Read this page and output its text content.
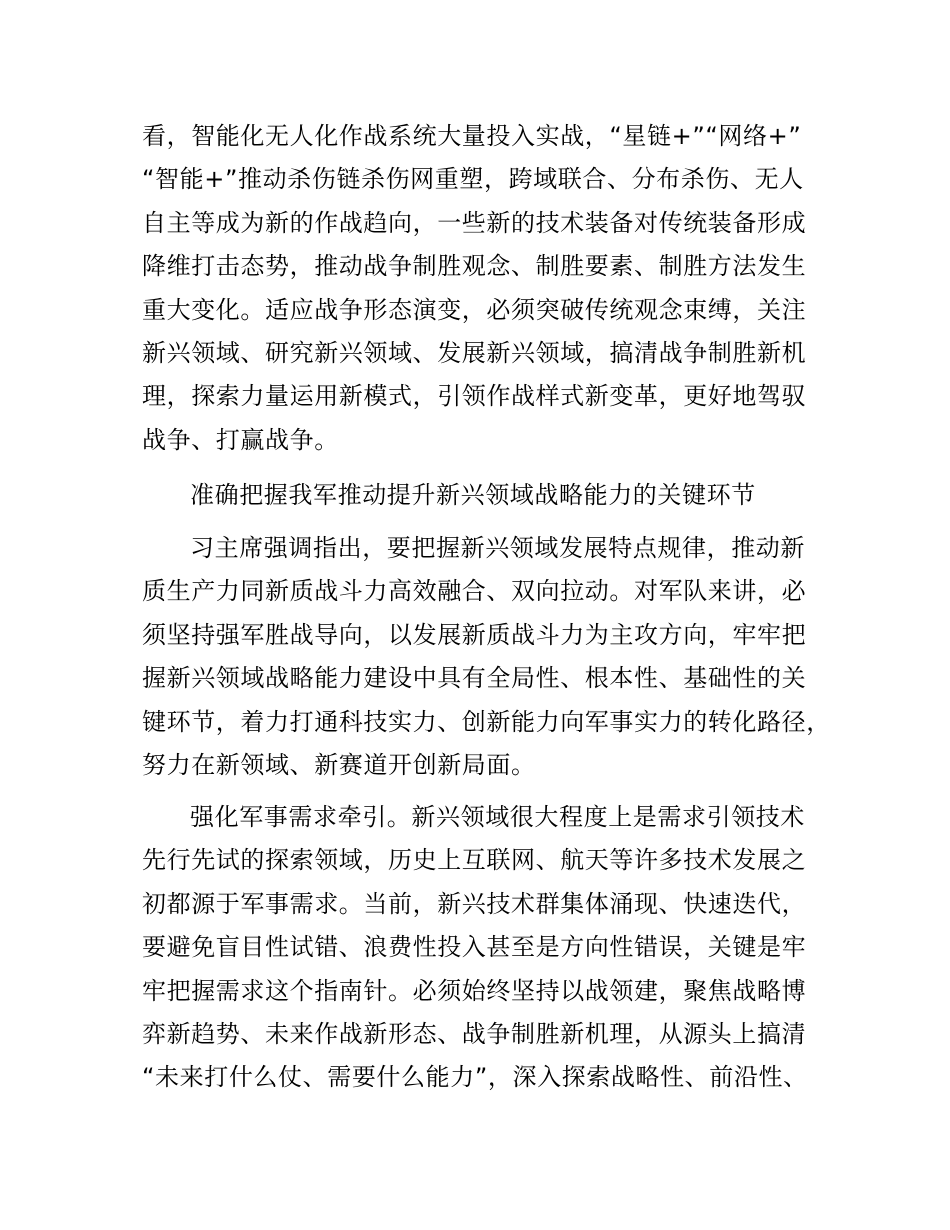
看，智能化无人化作战系统大量投入实战，“星链+”“网络+”
“智能+”推动杀伤链杀伤网重塑，跨域联合、分布杀伤、无人
自主等成为新的作战趋向，一些新的技术装备对传统装备形成
降维打击态势，推动战争制胜观念、制胜要素、制胜方法发生
重大变化。适应战争形态演变，必须突破传统观念束缚，关注
新兴领域、研究新兴领域、发展新兴领域，搞清战争制胜新机
理，探索力量运用新模式，引领作战样式新变革，更好地驾驭
战争、打赢战争。
准确把握我军推动提升新兴领域战略能力的关键环节
习主席强调指出，要把握新兴领域发展特点规律，推动新
质生产力同新质战斗力高效融合、双向拉动。对军队来讲，必
须坚持强军胜战导向，以发展新质战斗力为主攻方向，牢牢把
握新兴领域战略能力建设中具有全局性、根本性、基础性的关
键环节，着力打通科技实力、创新能力向军事实力的转化路径，
努力在新领域、新赛道开创新局面。
强化军事需求牵引。新兴领域很大程度上是需求引领技术
先行先试的探索领域，历史上互联网、航天等许多技术发展之
初都源于军事需求。当前，新兴技术群集体涌现、快速迭代，
要避免盲目性试错、浪费性投入甚至是方向性错误，关键是牢
牢把握需求这个指南针。必须始终坚持以战领建，聚焦战略博
弈新趋势、未来作战新形态、战争制胜新机理，从源头上搞清
“未来打什么仗、需要什么能力”，深入探索战略性、前沿性、
